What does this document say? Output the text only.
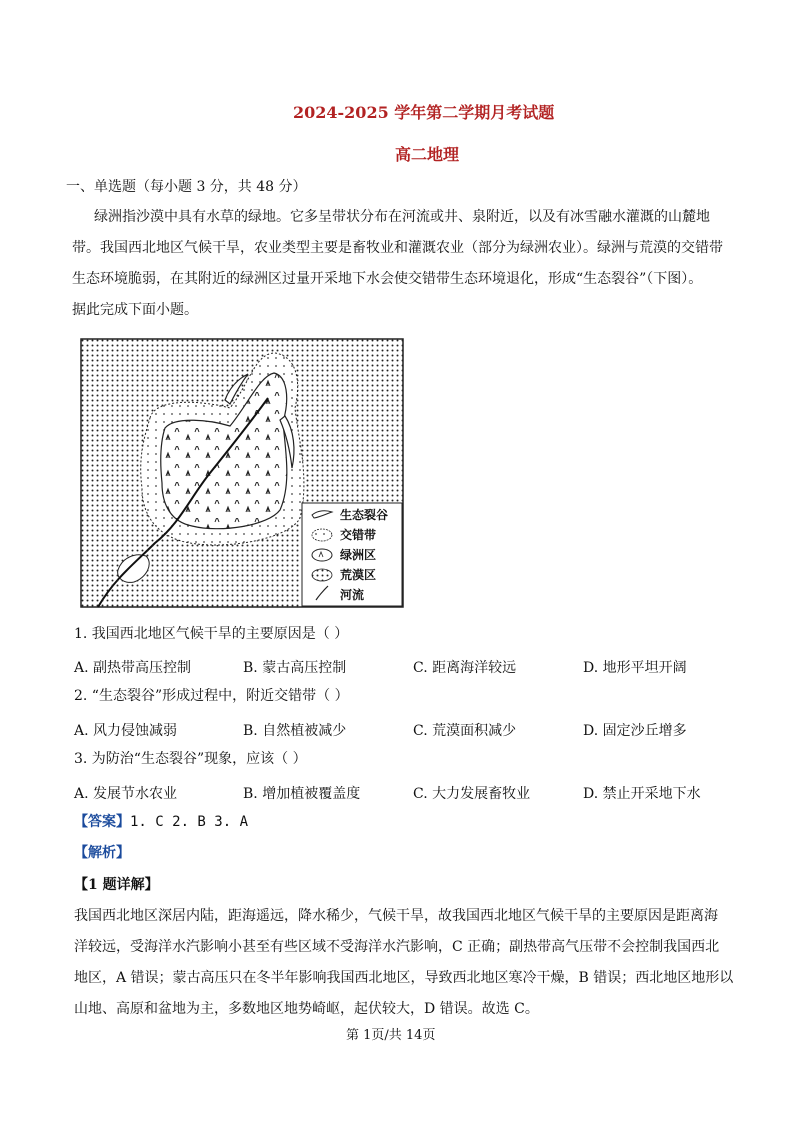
2024-2025 学年第二学期月考试题
高二地理
一、单选题（每小题 3 分，共 48 分）
绿洲指沙漠中具有水草的绿地。它多呈带状分布在河流或井、泉附近，以及有冰雪融水灌溉的山麓地
带。我国西北地区气候干旱，农业类型主要是畜牧业和灌溉农业（部分为绿洲农业）。绿洲与荒漠的交错带
生态环境脆弱，在其附近的绿洲区过量开采地下水会使交错带生态环境退化，形成“生态裂谷”（下图）。
据此完成下面小题。
生态裂谷
交错带
绿洲区
荒漠区
河流
1. 我国西北地区气候干旱的主要原因是（ ）
A. 副热带高压控制	B. 蒙古高压控制	C. 距离海洋较远	D. 地形平坦开阔
2. “生态裂谷”形成过程中，附近交错带（ ）
A. 风力侵蚀减弱	B. 自然植被减少	C. 荒漠面积减少	D. 固定沙丘增多
3. 为防治“生态裂谷”现象，应该（ ）
A. 发展节水农业	B. 增加植被覆盖度	C. 大力发展畜牧业	D. 禁止开采地下水
【答案】1. C 2. B 3. A
【解析】
【1 题详解】
我国西北地区深居内陆，距海遥远，降水稀少，气候干旱，故我国西北地区气候干旱的主要原因是距离海
洋较远，受海洋水汽影响小甚至有些区域不受海洋水汽影响，C 正确；副热带高气压带不会控制我国西北
地区，A 错误；蒙古高压只在冬半年影响我国西北地区，导致西北地区寒冷干燥，B 错误；西北地区地形以
山地、高原和盆地为主，多数地区地势崎岖，起伏较大，D 错误。故选 C。
第 1页/共 14页
